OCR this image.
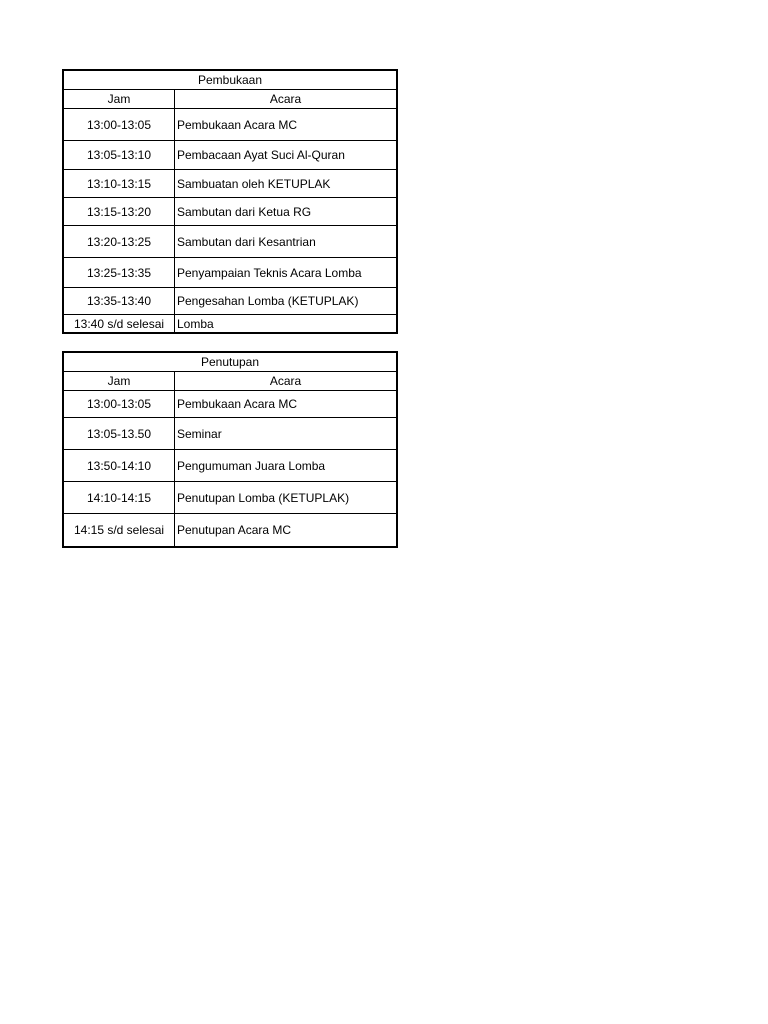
Pembukaan	
Jam	Acara
13:00-13:05	Pembukaan Acara MC
13:05-13:10	Pembacaan Ayat Suci Al-Quran
13:10-13:15	Sambuatan oleh KETUPLAK
13:15-13:20	Sambutan dari Ketua RG
13:20-13:25	Sambutan dari Kesantrian
13:25-13:35	Penyampaian Teknis Acara Lomba
13:35-13:40	Pengesahan Lomba (KETUPLAK)
13:40 s/d selesai	Lomba
Penutupan	
Jam	Acara
13:00-13:05	Pembukaan Acara MC
13:05-13.50	Seminar
13:50-14:10	Pengumuman Juara Lomba
14:10-14:15	Penutupan Lomba (KETUPLAK)
14:15 s/d selesai	Penutupan Acara MC
